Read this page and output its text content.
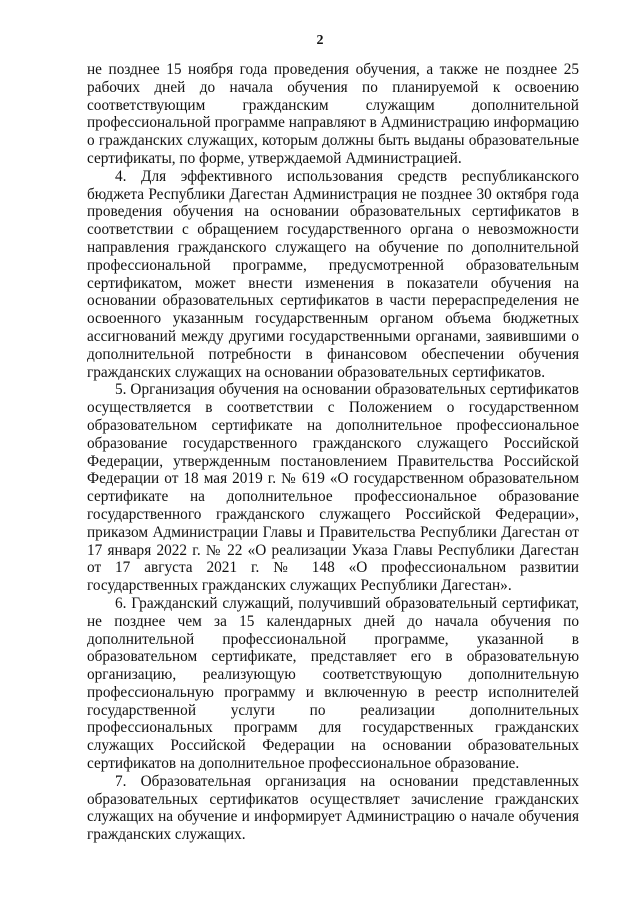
2

не позднее 15 ноября года проведения обучения, а также не позднее 25 рабочих дней до начала обучения по планируемой к освоению соответствующим гражданским служащим дополнительной профессиональной программе направляют в Администрацию информацию о гражданских служащих, которым должны быть выданы образовательные сертификаты, по форме, утверждаемой Администрацией.

4. Для эффективного использования средств республиканского бюджета Республики Дагестан Администрация не позднее 30 октября года проведения обучения на основании образовательных сертификатов в соответствии с обращением государственного органа о невозможности направления гражданского служащего на обучение по дополнительной профессиональной программе, предусмотренной образовательным сертификатом, может внести изменения в показатели обучения на основании образовательных сертификатов в части перераспределения не освоенного указанным государственным органом объема бюджетных ассигнований между другими государственными органами, заявившими о дополнительной потребности в финансовом обеспечении обучения гражданских служащих на основании образовательных сертификатов.

5. Организация обучения на основании образовательных сертификатов осуществляется в соответствии с Положением о государственном образовательном сертификате на дополнительное профессиональное образование государственного гражданского служащего Российской Федерации, утвержденным постановлением Правительства Российской Федерации от 18 мая 2019 г. № 619 «О государственном образовательном сертификате на дополнительное профессиональное образование государственного гражданского служащего Российской Федерации», приказом Администрации Главы и Правительства Республики Дагестан от 17 января 2022 г. № 22 «О реализации Указа Главы Республики Дагестан от 17 августа 2021 г. № 148 «О профессиональном развитии государственных гражданских служащих Республики Дагестан».

6. Гражданский служащий, получивший образовательный сертификат, не позднее чем за 15 календарных дней до начала обучения по дополнительной профессиональной программе, указанной в образовательном сертификате, представляет его в образовательную организацию, реализующую соответствующую дополнительную профессиональную программу и включенную в реестр исполнителей государственной услуги по реализации дополнительных профессиональных программ для государственных гражданских служащих Российской Федерации на основании образовательных сертификатов на дополнительное профессиональное образование.

7. Образовательная организация на основании представленных образовательных сертификатов осуществляет зачисление гражданских служащих на обучение и информирует Администрацию о начале обучения гражданских служащих.
